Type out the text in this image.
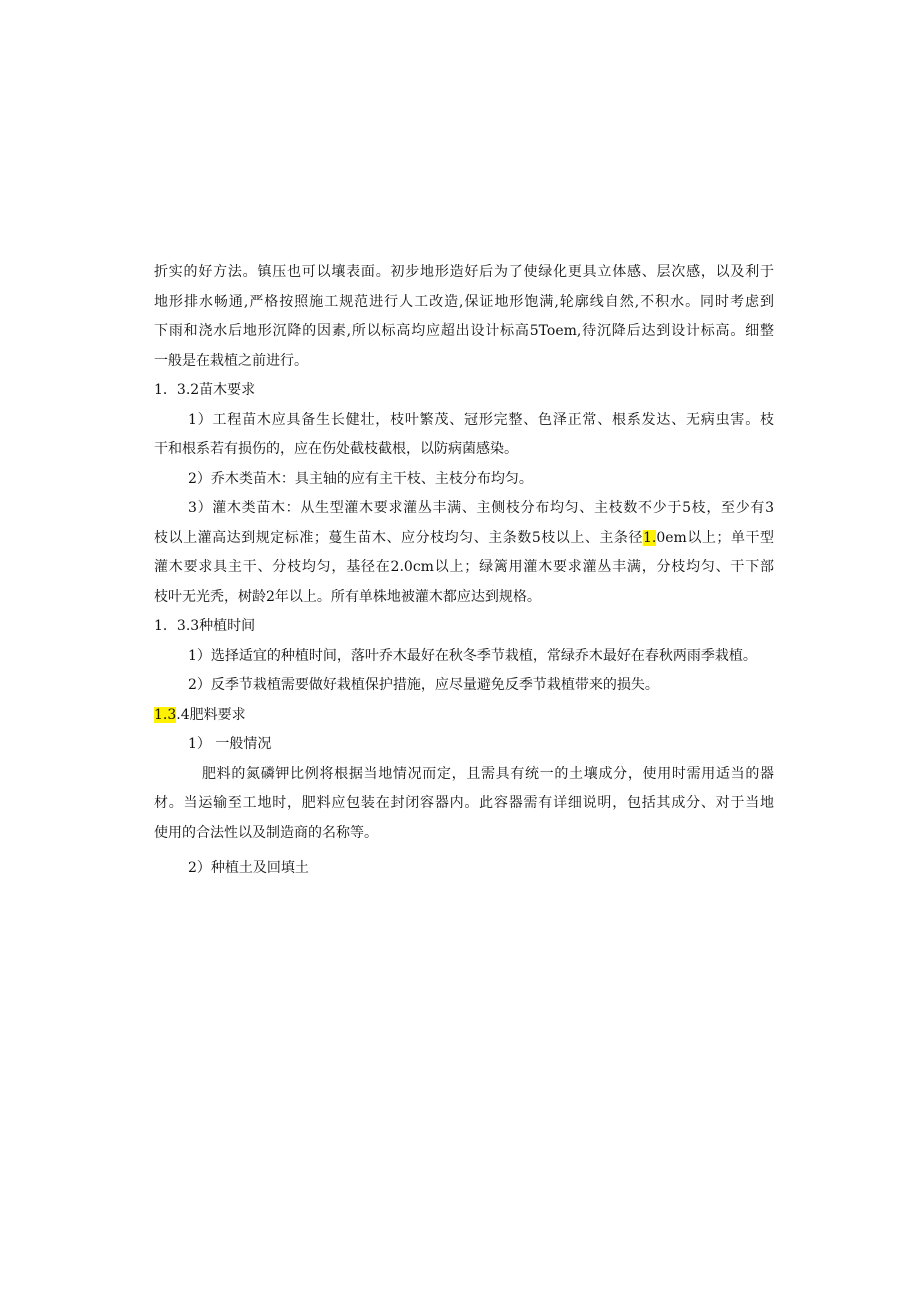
折实的好方法。镇压也可以壤表面。初步地形造好后为了使绿化更具立体感、层次感，以及利于
地形排水畅通,严格按照施工规范进行人工改造,保证地形饱满,轮廓线自然,不积水。同时考虑到
下雨和浇水后地形沉降的因素,所以标高均应超出设计标高5Toem,待沉降后达到设计标高。细整
一般是在栽植之前进行。
1．3.2苗木要求
1）工程苗木应具备生长健壮，枝叶繁茂、冠形完整、色泽正常、根系发达、无病虫害。枝
干和根系若有损伤的，应在伤处截枝截根，以防病菌感染。
2）乔木类苗木：具主轴的应有主干枝、主枝分布均匀。
3）灌木类苗木：从生型灌木要求灌丛丰满、主侧枝分布均匀、主枝数不少于5枝，至少有3
枝以上灌高达到规定标准；蔓生苗木、应分枝均匀、主条数5枝以上、主条径1.0em以上；单干型
灌木要求具主干、分枝均匀，基径在2.0cm以上；绿篱用灌木要求灌丛丰满，分枝均匀、干下部
枝叶无光秃，树龄2年以上。所有单株地被灌木都应达到规格。
1．3.3种植时间
1）选择适宜的种植时间，落叶乔木最好在秋冬季节栽植，常绿乔木最好在春秋两雨季栽植。
2）反季节栽植需要做好栽植保护措施，应尽量避免反季节栽植带来的损失。
1.3.4肥料要求
1） 一般情况
肥料的氮磷钾比例将根据当地情况而定，且需具有统一的土壤成分，使用时需用适当的器
材。当运输至工地时，肥料应包装在封闭容器内。此容器需有详细说明，包括其成分、对于当地
使用的合法性以及制造商的名称等。
2）种植土及回填土
